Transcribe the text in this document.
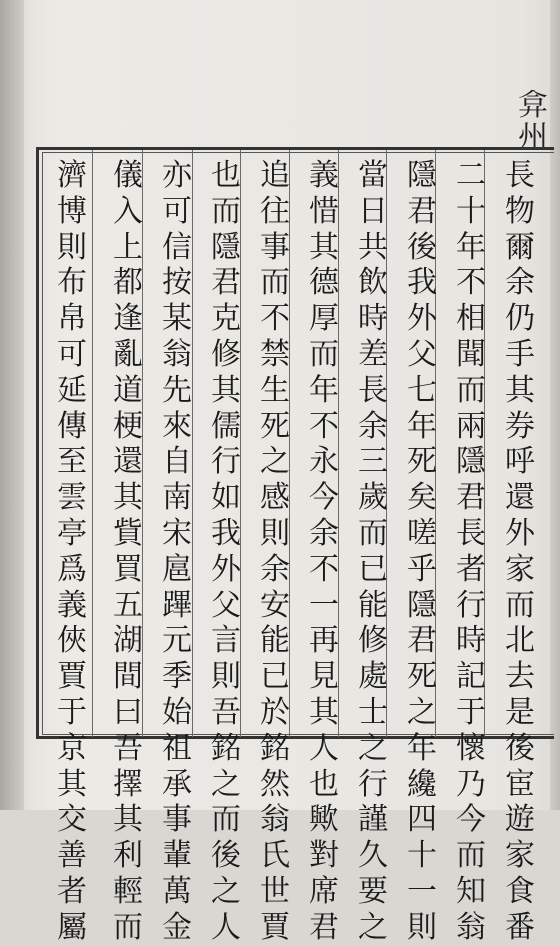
弇
州
長
物
爾
余
仍
手
其
券
呼
還
外
家
而
北
去
是
後
宦
遊
家
食
番
二
十
年
不
相
聞
而
兩
隱
君
長
者
行
時
記
于
懷
乃
今
而
知
翁
隱
君
後
我
外
父
七
年
死
矣
嗟
乎
隱
君
死
之
年
纔
四
十
一
則
當
日
共
飲
時
差
長
余
三
歲
而
已
能
修
處
士
之
行
謹
久
要
之
義
惜
其
德
厚
而
年
不
永
今
余
不
一
再
見
其
人
也
歟
對
席
君
追
往
事
而
不
禁
生
死
之
感
則
余
安
能
已
於
銘
然
翁
氏
世
賈
也
而
隱
君
克
修
其
儒
行
如
我
外
父
言
則
吾
銘
之
而
後
之
人
亦
可
信
按
某
翁
先
來
自
南
宋
扈
蹕
元
季
始
祖
承
事
輩
萬
金
儀
入
上
都
逢
亂
道
梗
還
其
貲
買
五
湖
間
曰
吾
擇
其
利
輕
而
濟
博
則
布
帛
可
延
傳
至
雲
亭
爲
義
俠
賈
于
京
其
交
善
者
屬
